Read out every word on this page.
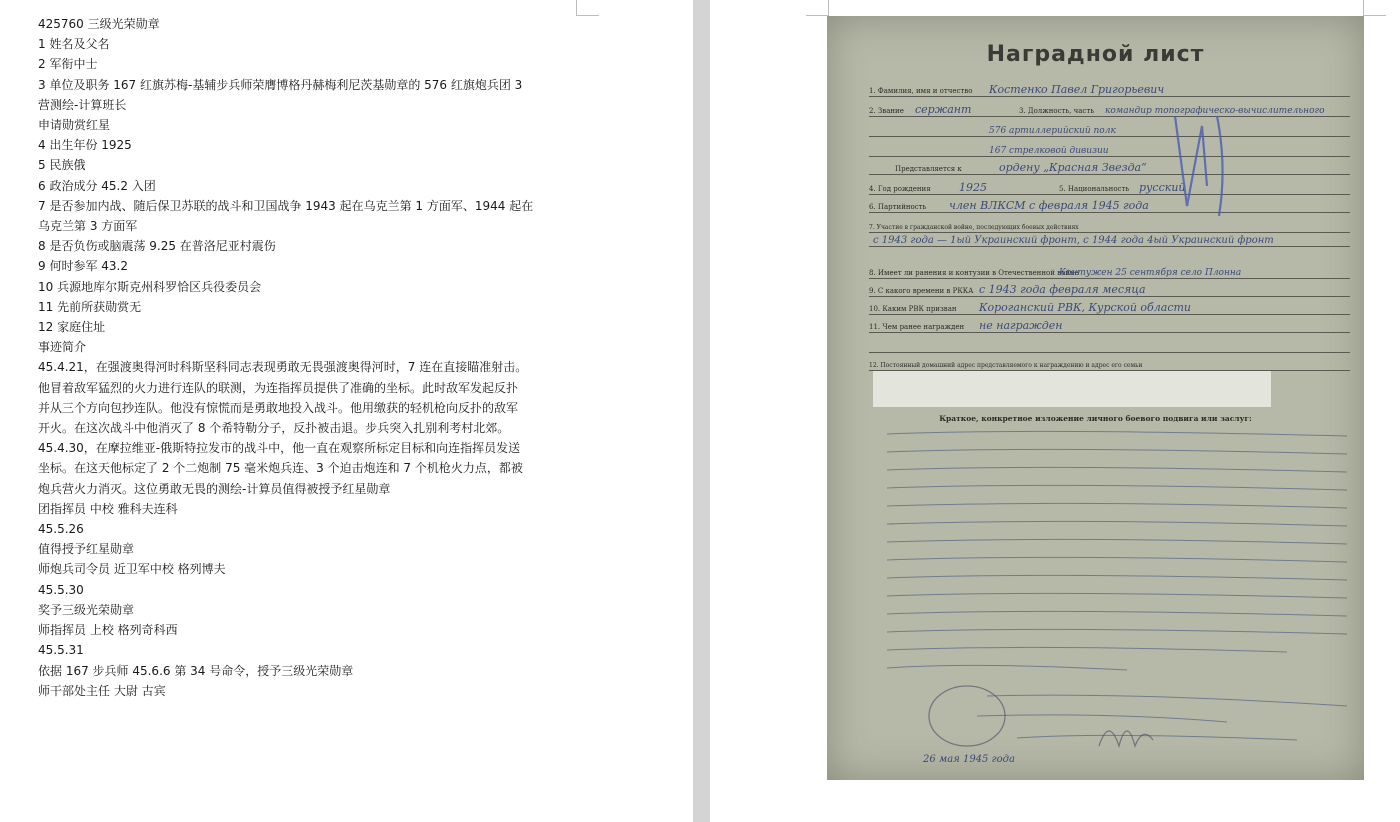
425760 三级光荣勋章
1 姓名及父名
2 军衔中士
3 单位及职务 167 红旗苏梅-基辅步兵师荣膺博格丹赫梅利尼茨基勋章的 576 红旗炮兵团 3
营测绘-计算班长
申请勋赏红星
4 出生年份 1925
5 民族俄
6 政治成分 45.2 入团
7 是否参加内战、随后保卫苏联的战斗和卫国战争 1943 起在乌克兰第 1 方面军、1944 起在
乌克兰第 3 方面军
8 是否负伤或脑震荡 9.25 在普洛尼亚村震伤
9 何时参军 43.2
10 兵源地库尔斯克州科罗恰区兵役委员会
11 先前所获勋赏无
12 家庭住址
事迹简介
45.4.21，在强渡奥得河时科斯坚科同志表现勇敢无畏强渡奥得河时，7 连在直接瞄准射击。
他冒着敌军猛烈的火力进行连队的联测，为连指挥员提供了准确的坐标。此时敌军发起反扑
并从三个方向包抄连队。他没有惊慌而是勇敢地投入战斗。他用缴获的轻机枪向反扑的敌军
开火。在这次战斗中他消灭了 8 个希特勒分子，反扑被击退。步兵突入扎别利考村北郊。
45.4.30，在摩拉维亚-俄斯特拉发市的战斗中，他一直在观察所标定目标和向连指挥员发送
坐标。在这天他标定了 2 个二炮制 75 毫米炮兵连、3 个迫击炮连和 7 个机枪火力点，都被
炮兵营火力消灭。这位勇敢无畏的测绘-计算员值得被授予红星勋章
团指挥员 中校 雅科夫连科
45.5.26
值得授予红星勋章
师炮兵司令员 近卫军中校 格列博夫
45.5.30
奖予三级光荣勋章
师指挥员 上校 格列奇科西
45.5.31
依据 167 步兵师 45.6.6 第 34 号命令，授予三级光荣勋章
师干部处主任 大尉 古宾
Наградной лист
1. Фамилия, имя и отчество Костенко Павел Григорьевич
2. Звание сержант	3. Должность, часть командир топографическо-вычислительного
576 артиллерийский полк
167 стрелковой дивизии
Представляется к	ордену „Красная Звезда“
4. Год рождения	1925	5. Национальность русский
6. Партийность член ВЛКСМ с февраля 1945 года
7. Участие в гражданской войне, последующих боевых действиях
с 1943 года — 1ый Украинский фронт, с 1944 года 4ый Украинский фронт
8. Имеет ли ранения и контузии в Отечественной войне
Контужен 25 сентября село Плонна
9. С какого времени в РККА с 1943 года февраля месяца
10. Каким РВК призван Короганский РВК, Курской области
11. Чем ранее награжден не награжден
12. Постоянный домашний адрес представляемого к награждению и адрес его семьи
Краткое, конкретное изложение личного боевого подвига или заслуг:
26 мая 1945 года
